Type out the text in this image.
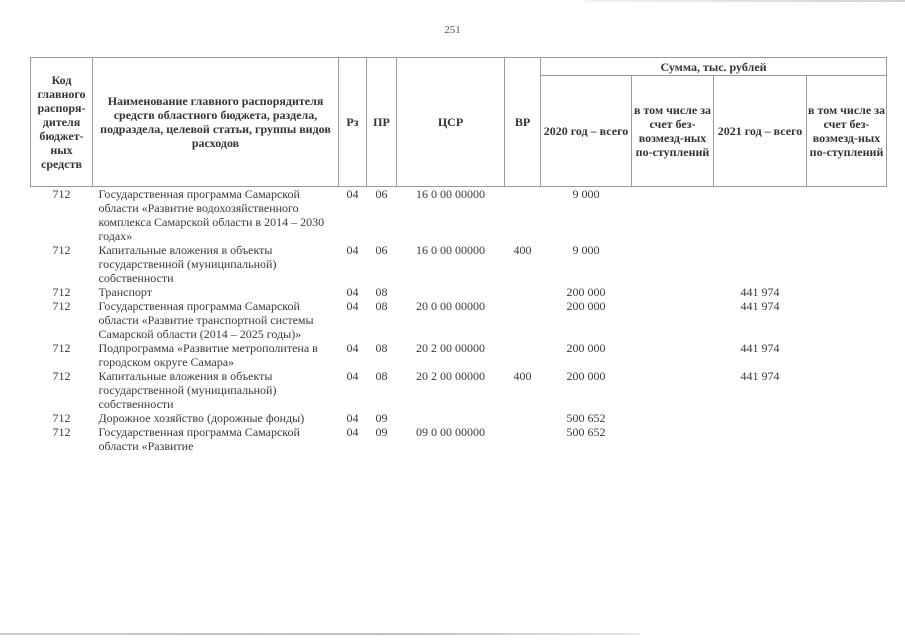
251
Код главного распоря-дителя бюджет-ных средств	Наименование главного распорядителя средств областного бюджета, раздела, подраздела, целевой статьи, группы видов расходов	Рз	ПР	ЦСР	ВР	Сумма, тыс. рублей			
						2020 год – всего	в том числе за счет без-возмезд-ных по-ступлений	2021 год – всего	в том числе за счет без-возмезд-ных по-ступлений
712	Государственная программа Самарской области «Развитие водохозяйственного комплекса Самарской области в 2014 – 2030 годах»	04	06	16 0 00 00000		9 000			
712	Капитальные вложения в объекты государственной (муниципальной) собственности	04	06	16 0 00 00000	400	9 000			
712	Транспорт	04	08			200 000		441 974	
712	Государственная программа Самарской области «Развитие транспортной системы Самарской области (2014 – 2025 годы)»	04	08	20 0 00 00000		200 000		441 974	
712	Подпрограмма «Развитие метрополитена в городском округе Самара»	04	08	20 2 00 00000		200 000		441 974	
712	Капитальные вложения в объекты государственной (муниципальной) собственности	04	08	20 2 00 00000	400	200 000		441 974	
712	Дорожное хозяйство (дорожные фонды)	04	09			500 652			
712	Государственная программа Самарской области «Развитие	04	09	09 0 00 00000		500 652			
